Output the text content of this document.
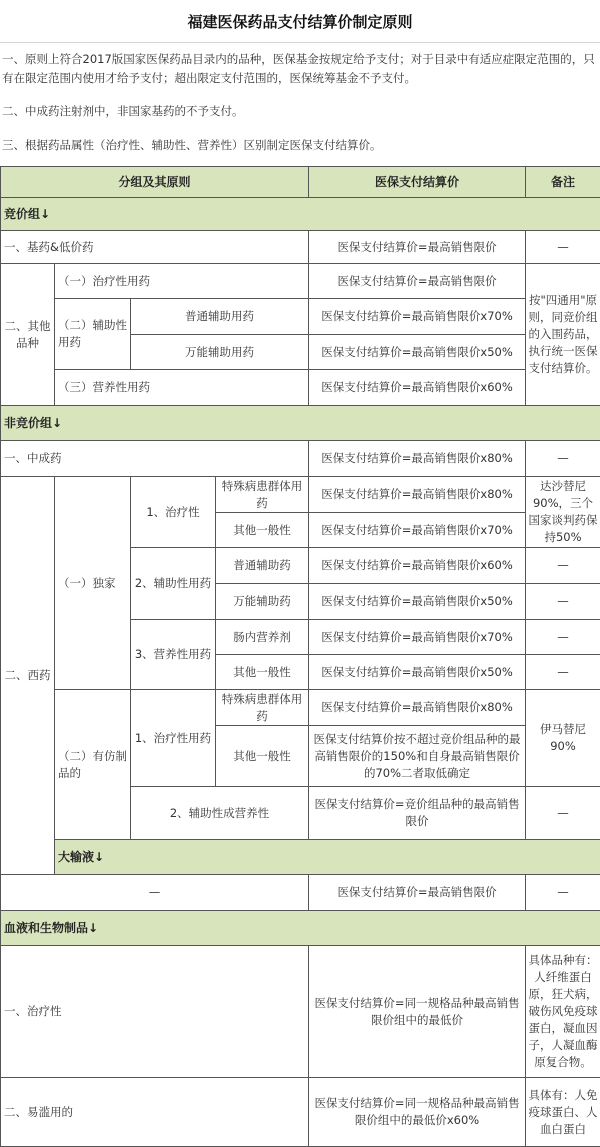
福建医保药品支付结算价制定原则
一、原则上符合2017版国家医保药品目录内的品种，医保基金按规定给予支付；对于目录中有适应症限定范围的，只有在限定范围内使用才给予支付；超出限定支付范围的，医保统筹基金不予支付。
二、中成药注射剂中，非国家基药的不予支付。
三、根据药品属性（治疗性、辅助性、营养性）区别制定医保支付结算价。
分组及其原则				医保支付结算价	备注
竞价组↓					
一、基药&低价药				医保支付结算价=最高销售限价	—
二、其他品种	（一）治疗性用药			医保支付结算价=最高销售限价	按"四通用"原则，同竞价组的入围药品，执行统一医保支付结算价。
	（二）辅助性用药	普通辅助用药		医保支付结算价=最高销售限价x70%	
		万能辅助用药		医保支付结算价=最高销售限价x50%	
	（三）营养性用药			医保支付结算价=最高销售限价x60%	
非竞价组↓					
一、中成药				医保支付结算价=最高销售限价x80%	—
二、西药	（一）独家	1、治疗性	特殊病患群体用药	医保支付结算价=最高销售限价x80%	达沙替尼90%，三个国家谈判药保持50%
			其他一般性	医保支付结算价=最高销售限价x70%	
		2、辅助性用药	普通辅助药	医保支付结算价=最高销售限价x60%	—
			万能辅助药	医保支付结算价=最高销售限价x50%	—
		3、营养性用药	肠内营养剂	医保支付结算价=最高销售限价x70%	—
			其他一般性	医保支付结算价=最高销售限价x50%	—
	（二）有仿制品的	1、治疗性用药	特殊病患群体用药	医保支付结算价=最高销售限价x80%	伊马替尼90%
			其他一般性	医保支付结算价按不超过竞价组品种的最高销售限价的150%和自身最高销售限价的70%二者取低确定	
		2、辅助性成营养性		医保支付结算价=竞价组品种的最高销售限价	—
	大输液↓				
—				医保支付结算价=最高销售限价	—
血液和生物制品↓					
一、治疗性				医保支付结算价=同一规格品种最高销售限价组中的最低价	具体品种有：人纤维蛋白原，狂犬病，破伤风免疫球蛋白，凝血因子，人凝血酶原复合物。
二、易滥用的				医保支付结算价=同一规格品种最高销售限价组中的最低价x60%	具体有：人免疫球蛋白、人血白蛋白
